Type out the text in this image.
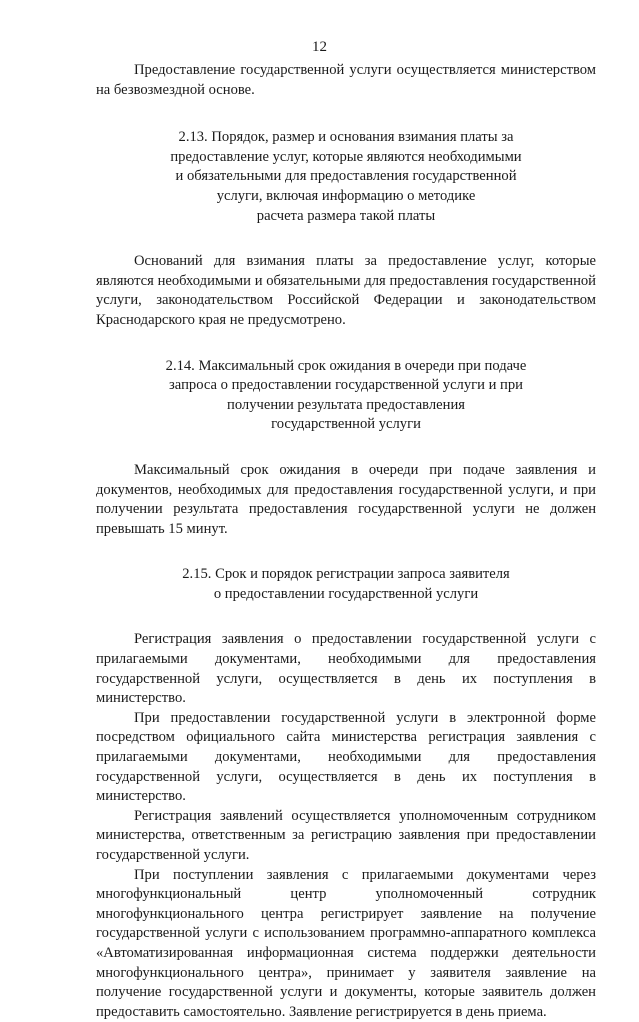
12

Предоставление государственной услуги осуществляется министерством на безвозмездной основе.

2.13. Порядок, размер и основания взимания платы за
предоставление услуг, которые являются необходимыми
и обязательными для предоставления государственной
услуги, включая информацию о методике
расчета размера такой платы

Оснований для взимания платы за предоставление услуг, которые являются необходимыми и обязательными для предоставления государственной услуги, законодательством Российской Федерации и законодательством Краснодарского края не предусмотрено.

2.14. Максимальный срок ожидания в очереди при подаче
запроса о предоставлении государственной услуги и при
получении результата предоставления
государственной услуги

Максимальный срок ожидания в очереди при подаче заявления и документов, необходимых для предоставления государственной услуги, и при получении результата предоставления государственной услуги не должен превышать 15 минут.

2.15. Срок и порядок регистрации запроса заявителя
о предоставлении государственной услуги

Регистрация заявления о предоставлении государственной услуги с прилагаемыми документами, необходимыми для предоставления государственной услуги, осуществляется в день их поступления в министерство.

При предоставлении государственной услуги в электронной форме посредством официального сайта министерства регистрация заявления с прилагаемыми документами, необходимыми для предоставления государственной услуги, осуществляется в день их поступления в министерство.

Регистрация заявлений осуществляется уполномоченным сотрудником министерства, ответственным за регистрацию заявления при предоставлении государственной услуги.

При поступлении заявления с прилагаемыми документами через многофункциональный центр уполномоченный сотрудник многофункционального центра регистрирует заявление на получение государственной услуги с использованием программно-аппаратного комплекса «Автоматизированная информационная система поддержки деятельности многофункционального центра», принимает у заявителя заявление на получение государственной услуги и документы, которые заявитель должен предоставить самостоятельно. Заявление регистрируется в день приема.
